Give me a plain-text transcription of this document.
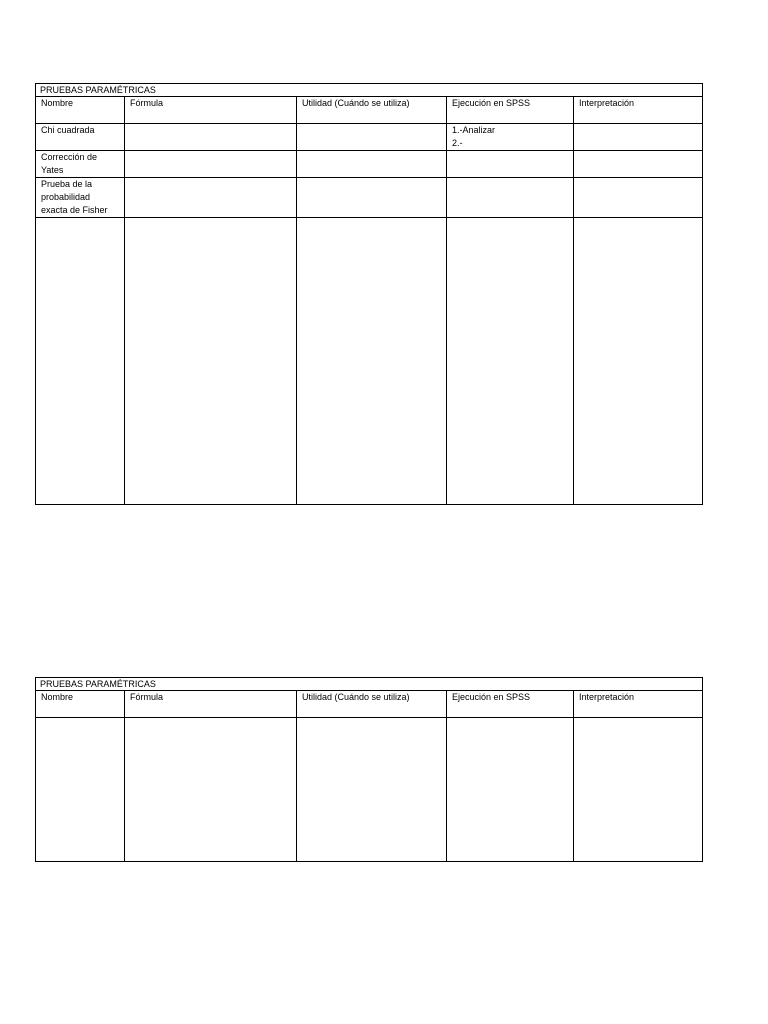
PRUEBAS PARAMÉTRICAS				
Nombre	Fórmula	Utilidad (Cuándo se utiliza)	Ejecución en SPSS	Interpretación

Chi cuadrada			1.-Analizar
2.-	

Corrección de
Yates				

Prueba de la
probabilidad
exacta de Fisher				

PRUEBAS PARAMÉTRICAS				
Nombre	Fórmula	Utilidad (Cuándo se utiliza)	Ejecución en SPSS	Interpretación
